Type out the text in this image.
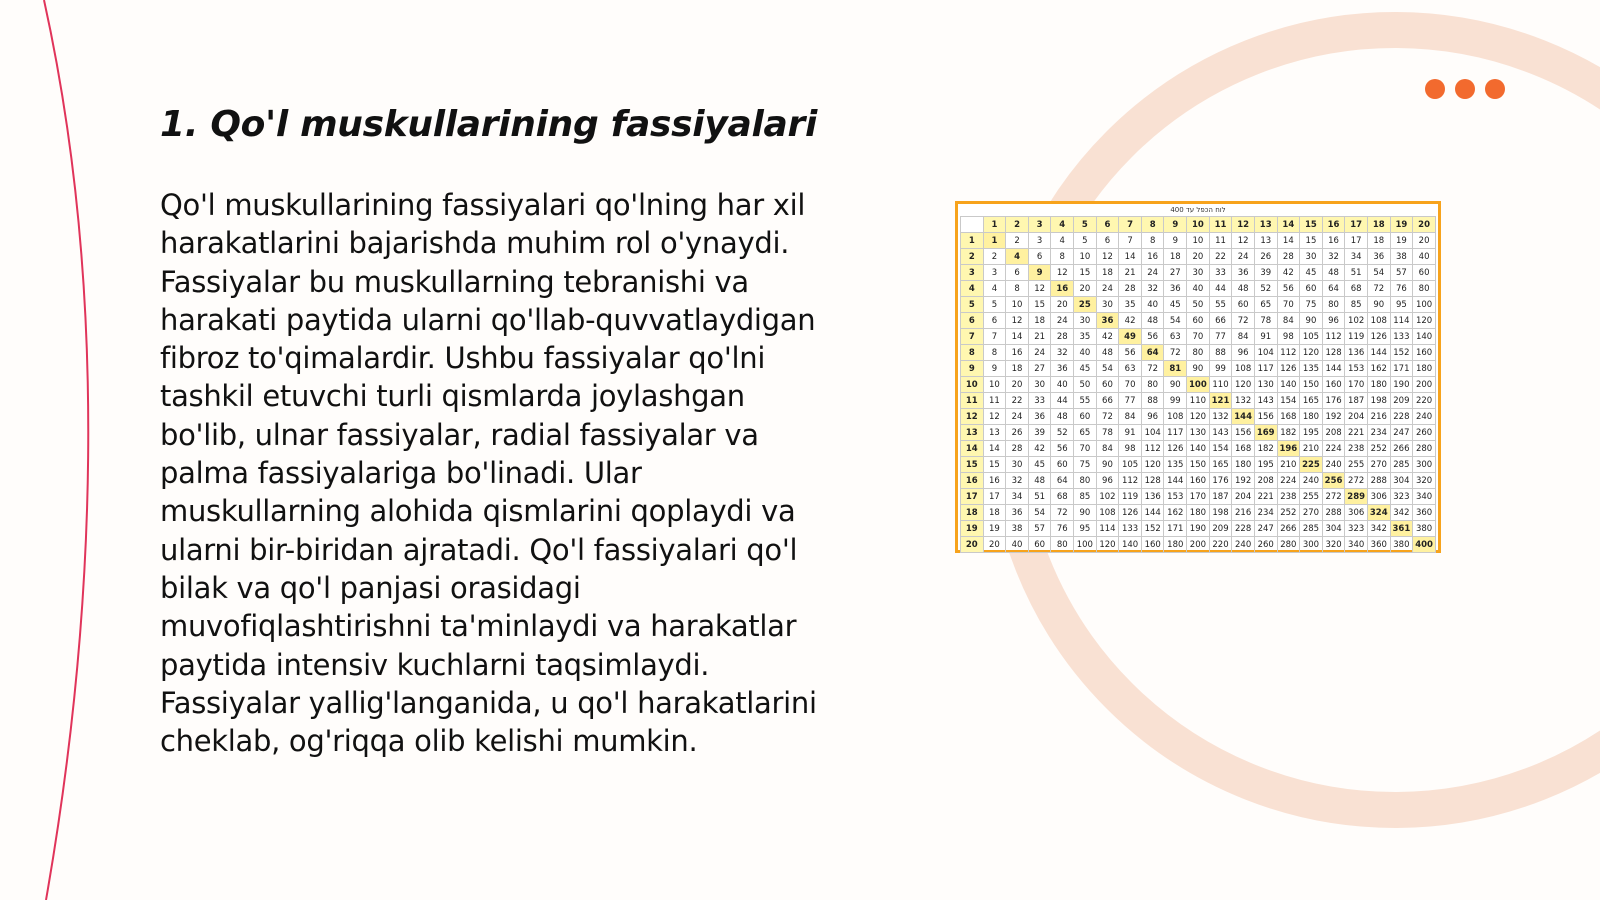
1. Qo'l muskullarining fassiyalari

Qo'l muskullarining fassiyalari qo'lning har xil harakatlarini bajarishda muhim rol o'ynaydi. Fassiyalar bu muskullarning tebranishi va harakati paytida ularni qo'llab-quvvatlaydigan fibroz to'qimalardir. Ushbu fassiyalar qo'lni tashkil etuvchi turli qismlarda joylashgan bo'lib, ulnar fassiyalar, radial fassiyalar va palma fassiyalariga bo'linadi. Ular muskullarning alohida qismlarini qoplaydi va ularni bir-biridan ajratadi. Qo'l fassiyalari qo'l bilak va qo'l panjasi orasidagi muvofiqlashtirishni ta'minlaydi va harakatlar paytida intensiv kuchlarni taqsimlaydi. Fassiyalar yallig'langanida, u qo'l harakatlarini cheklab, og'riqqa olib kelishi mumkin.

לוח הכפל עד 400
	1	2	3	4	5	6	7	8	9	10	11	12	13	14	15	16	17	18	19	20
1	1	2	3	4	5	6	7	8	9	10	11	12	13	14	15	16	17	18	19	20
2	2	4	6	8	10	12	14	16	18	20	22	24	26	28	30	32	34	36	38	40
3	3	6	9	12	15	18	21	24	27	30	33	36	39	42	45	48	51	54	57	60
4	4	8	12	16	20	24	28	32	36	40	44	48	52	56	60	64	68	72	76	80
5	5	10	15	20	25	30	35	40	45	50	55	60	65	70	75	80	85	90	95	100
6	6	12	18	24	30	36	42	48	54	60	66	72	78	84	90	96	102	108	114	120
7	7	14	21	28	35	42	49	56	63	70	77	84	91	98	105	112	119	126	133	140
8	8	16	24	32	40	48	56	64	72	80	88	96	104	112	120	128	136	144	152	160
9	9	18	27	36	45	54	63	72	81	90	99	108	117	126	135	144	153	162	171	180
10	10	20	30	40	50	60	70	80	90	100	110	120	130	140	150	160	170	180	190	200
11	11	22	33	44	55	66	77	88	99	110	121	132	143	154	165	176	187	198	209	220
12	12	24	36	48	60	72	84	96	108	120	132	144	156	168	180	192	204	216	228	240
13	13	26	39	52	65	78	91	104	117	130	143	156	169	182	195	208	221	234	247	260
14	14	28	42	56	70	84	98	112	126	140	154	168	182	196	210	224	238	252	266	280
15	15	30	45	60	75	90	105	120	135	150	165	180	195	210	225	240	255	270	285	300
16	16	32	48	64	80	96	112	128	144	160	176	192	208	224	240	256	272	288	304	320
17	17	34	51	68	85	102	119	136	153	170	187	204	221	238	255	272	289	306	323	340
18	18	36	54	72	90	108	126	144	162	180	198	216	234	252	270	288	306	324	342	360
19	19	38	57	76	95	114	133	152	171	190	209	228	247	266	285	304	323	342	361	380
20	20	40	60	80	100	120	140	160	180	200	220	240	260	280	300	320	340	360	380	400
